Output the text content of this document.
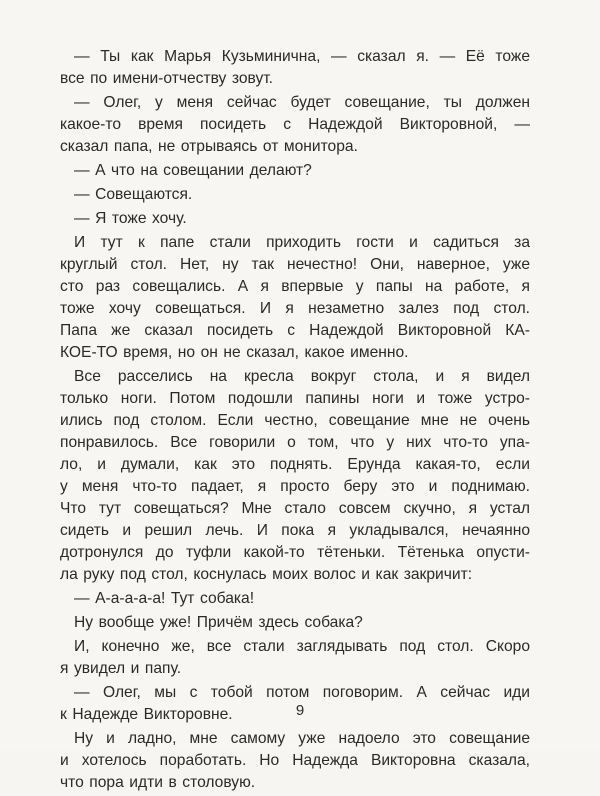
— Ты как Марья Кузьминична, — сказал я. — Её тоже
все по имени-отчеству зовут.
— Олег, у меня сейчас будет совещание, ты должен
какое-то время посидеть с Надеждой Викторовной, —
сказал папа, не отрываясь от монитора.
— А что на совещании делают?
— Совещаются.
— Я тоже хочу.
И тут к папе стали приходить гости и садиться за
круглый стол. Нет, ну так нечестно! Они, наверное, уже
сто раз совещались. А я впервые у папы на работе, я
тоже хочу совещаться. И я незаметно залез под стол.
Папа же сказал посидеть с Надеждой Викторовной КА-
КОЕ-ТО время, но он не сказал, какое именно.
Все расселись на кресла вокруг стола, и я видел
только ноги. Потом подошли папины ноги и тоже устро-
ились под столом. Если честно, совещание мне не очень
понравилось. Все говорили о том, что у них что-то упа-
ло, и думали, как это поднять. Ерунда какая-то, если
у меня что-то падает, я просто беру это и поднимаю.
Что тут совещаться? Мне стало совсем скучно, я устал
сидеть и решил лечь. И пока я укладывался, нечаянно
дотронулся до туфли какой-то тётеньки. Тётенька опусти-
ла руку под стол, коснулась моих волос и как закричит:
— А-а-а-а-а! Тут собака!
Ну вообще уже! Причём здесь собака?
И, конечно же, все стали заглядывать под стол. Скоро
я увидел и папу.
— Олег, мы с тобой потом поговорим. А сейчас иди
к Надежде Викторовне.
Ну и ладно, мне самому уже надоело это совещание
и хотелось поработать. Но Надежда Викторовна сказала,
что пора идти в столовую.
9
